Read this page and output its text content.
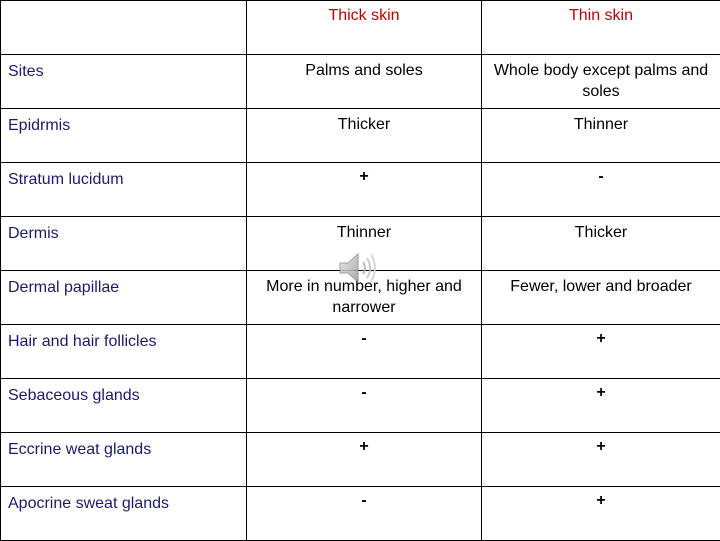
	Thick skin	Thin skin
Sites	Palms and soles	Whole body except palms and soles
Epidrmis	Thicker	Thinner
Stratum lucidum	+	-
Dermis	Thinner	Thicker
Dermal papillae	More in number, higher and narrower	Fewer, lower and broader
Hair and hair follicles	-	+
Sebaceous glands	-	+
Eccrine weat glands	+	+
Apocrine sweat glands	-	+
